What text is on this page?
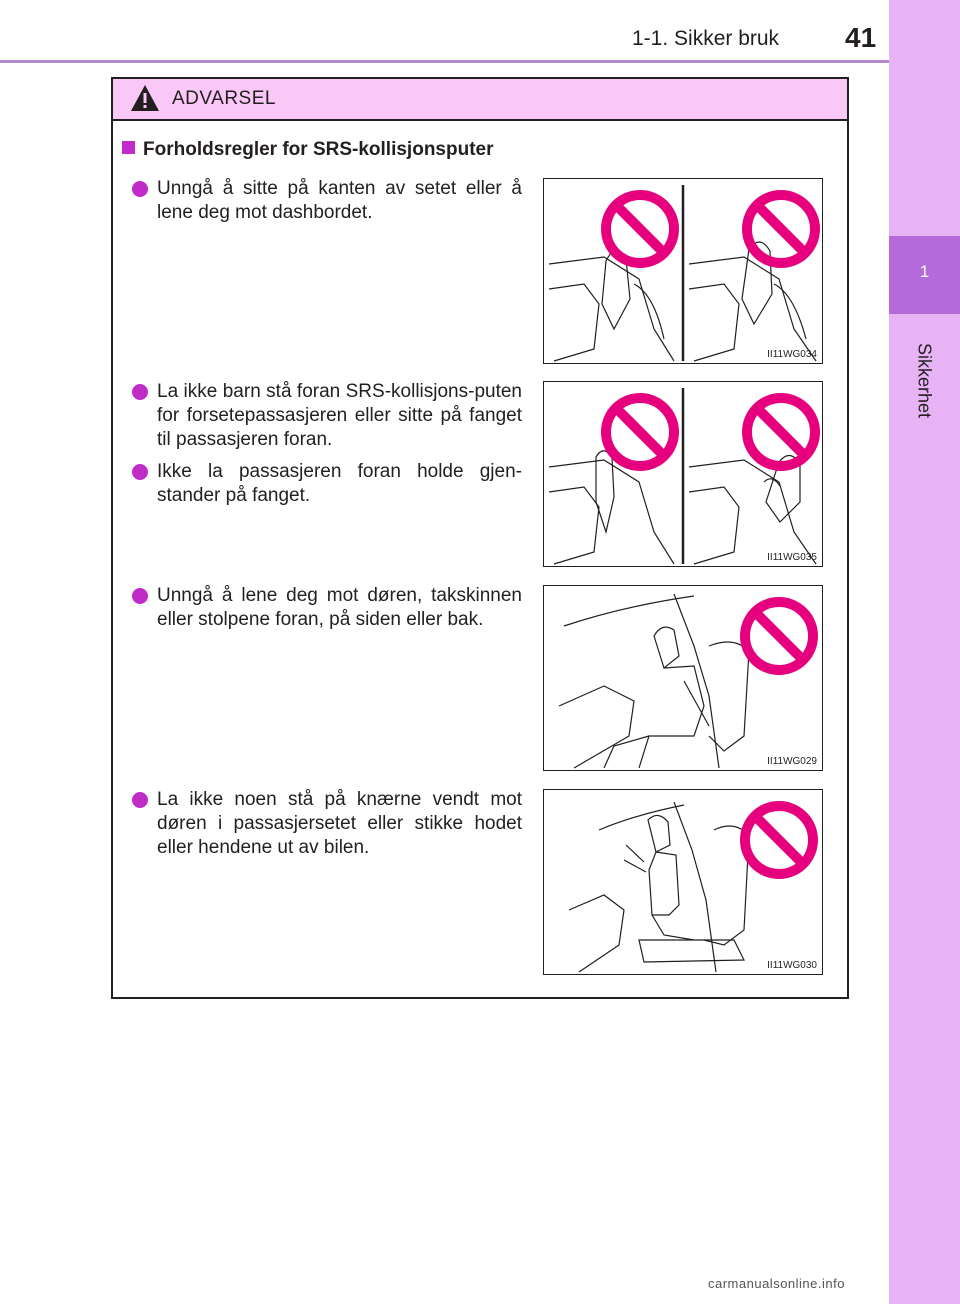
1-1. Sikker bruk 41
1
Sikkerhet
ADVARSEL
Forholdsregler for SRS-kollisjonsputer
Unngå å sitte på kanten av setet eller å lene deg mot dashbordet.
La ikke barn stå foran SRS-kollisjons-puten for forsetepassasjeren eller sitte på fanget til passasjeren foran.
Ikke la passasjeren foran holde gjen-stander på fanget.
Unngå å lene deg mot døren, takskinnen eller stolpene foran, på siden eller bak.
La ikke noen stå på knærne vendt mot døren i passasjersetet eller stikke hodet eller hendene ut av bilen.
II11WG034
II11WG035
II11WG029
II11WG030
carmanualsonline.info
